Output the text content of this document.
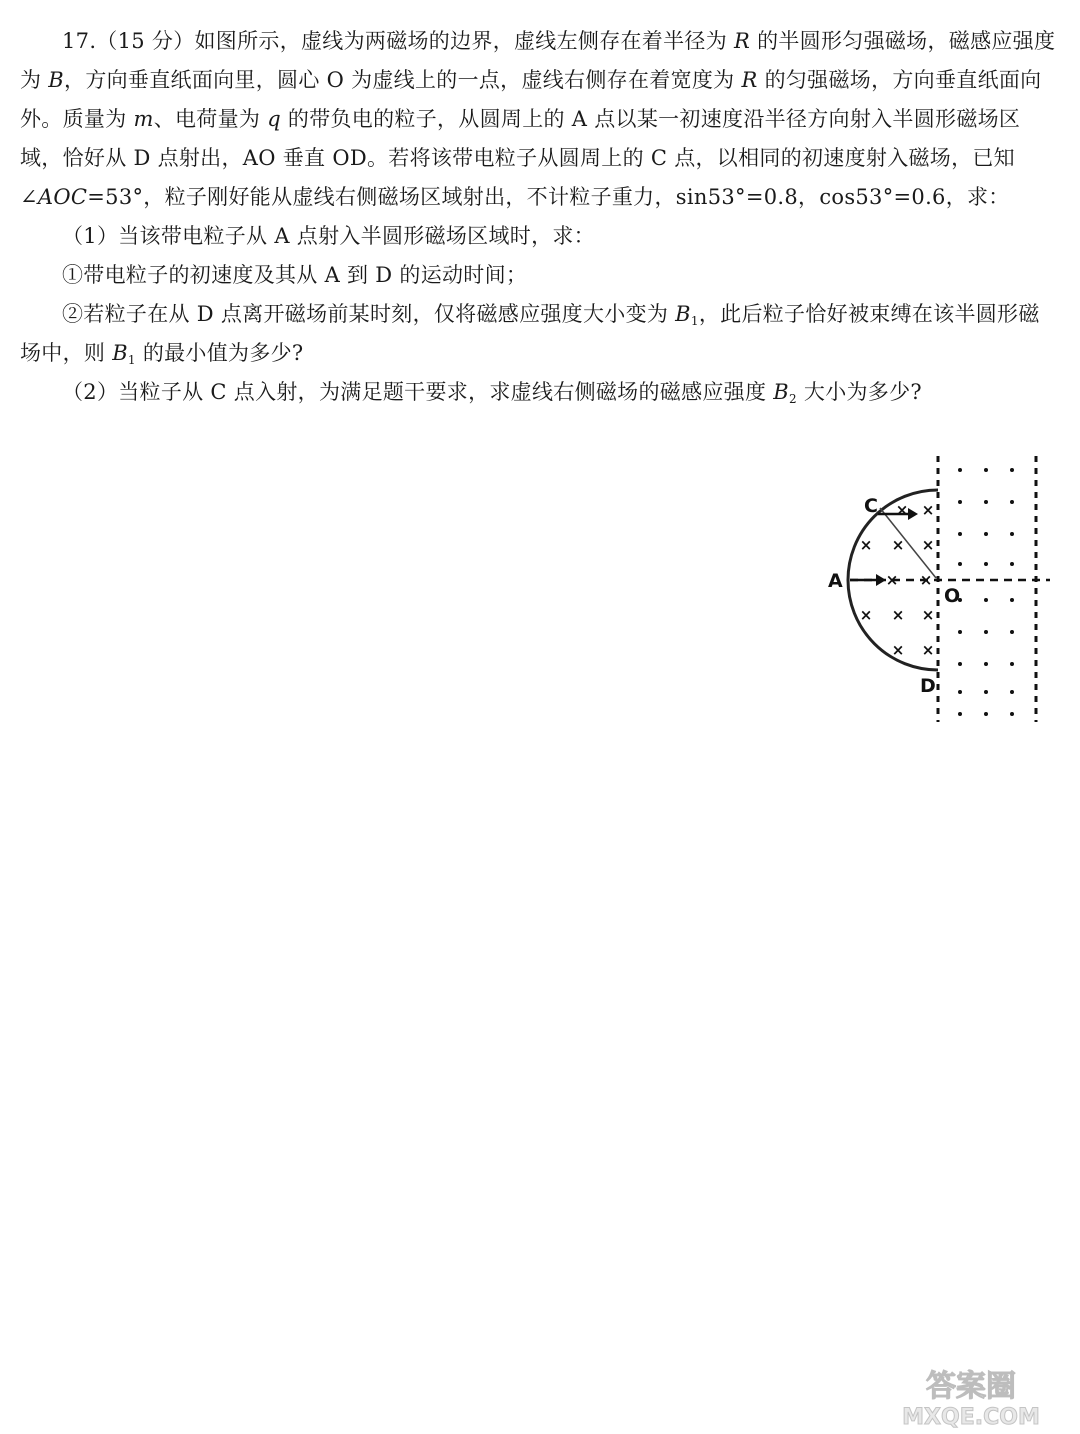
17.（15 分）如图所示，虚线为两磁场的边界，虚线左侧存在着半径为 R 的半圆形匀强磁场，磁感应强度为 B，方向垂直纸面向里，圆心 O 为虚线上的一点，虚线右侧存在着宽度为 R 的匀强磁场，方向垂直纸面向外。质量为 m、电荷量为 q 的带负电的粒子，从圆周上的 A 点以某一初速度沿半径方向射入半圆形磁场区域，恰好从 D 点射出，AO 垂直 OD。若将该带电粒子从圆周上的 C 点，以相同的初速度射入磁场，已知∠AOC=53°，粒子刚好能从虚线右侧磁场区域射出，不计粒子重力，sin53°=0.8，cos53°=0.6，求：

（1）当该带电粒子从 A 点射入半圆形磁场区域时，求：

①带电粒子的初速度及其从 A 到 D 的运动时间；

②若粒子在从 D 点离开磁场前某时刻，仅将磁感应强度大小变为 $B_1$，此后粒子恰好被束缚在该半圆形磁场中，则 $B_1$ 的最小值为多少?

（2）当粒子从 C 点入射，为满足题干要求，求虚线右侧磁场的磁感应强度 $B_2$ 大小为多少?

× ×
× × ×
× ×
× × ×
× ×
C
A
O
D
答案圈
MXQE.COM
